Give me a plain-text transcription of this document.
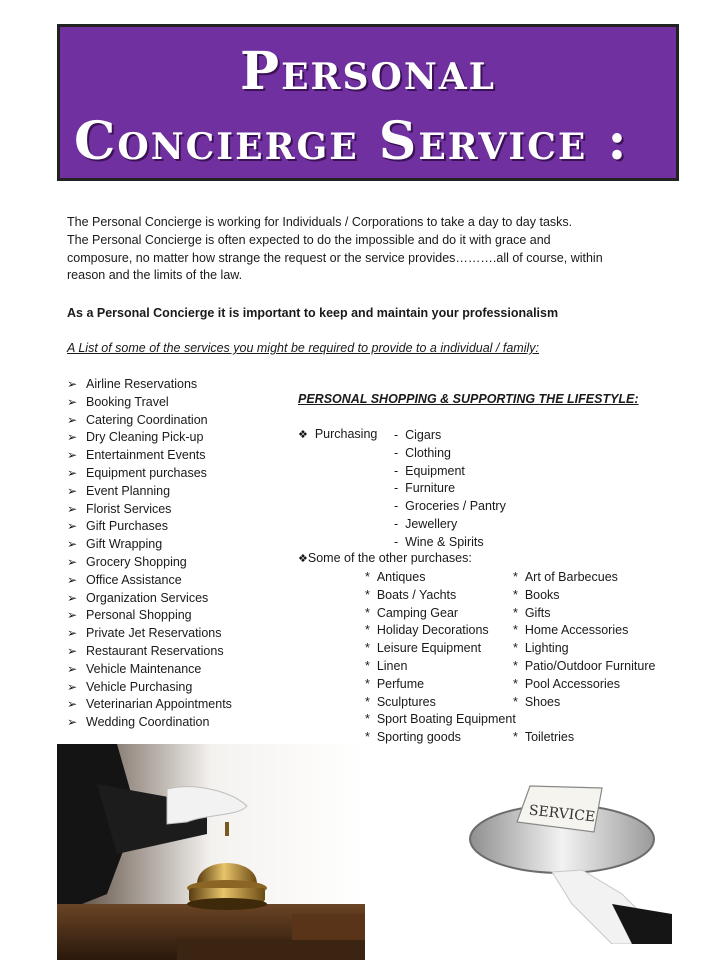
Personal
Concierge Service :
The Personal Concierge is working for Individuals / Corporations to take a day to day tasks.
The Personal Concierge is often expected to do the impossible and do it with grace and
composure, no matter how strange the request or the service provides……….all of course, within
reason and the limits of the law.
As a Personal Concierge it is important to keep and maintain your professionalism
A List of some of the services you might be required to provide to a individual / family:
➢ Airline Reservations
➢ Booking Travel
➢ Catering Coordination
➢ Dry Cleaning Pick-up
➢ Entertainment Events
➢ Equipment purchases
➢ Event Planning
➢ Florist Services
➢ Gift Purchases
➢ Gift Wrapping
➢ Grocery Shopping
➢ Office Assistance
➢ Organization Services
➢ Personal Shopping
➢ Private Jet Reservations
➢ Restaurant Reservations
➢ Vehicle Maintenance
➢ Vehicle Purchasing
➢ Veterinarian Appointments
➢ Wedding Coordination
PERSONAL SHOPPING & SUPPORTING THE LIFESTYLE:
❖ Purchasing -  Cigars
-  Clothing
-  Equipment
-  Furniture
-  Groceries / Pantry
-  Jewellery
-  Wine & Spirits
❖Some of the other purchases:
*  Antiques
*  Boats / Yachts
*  Camping Gear
*  Holiday Decorations
*  Leisure Equipment
*  Linen
*  Perfume
*  Sculptures
*  Sport Boating Equipment
*  Sporting goods
*  Art of Barbecues
*  Books
*  Gifts
*  Home Accessories
*  Lighting
*  Patio/Outdoor Furniture
*  Pool Accessories
*  Shoes
*  Toiletries
SERVICE
